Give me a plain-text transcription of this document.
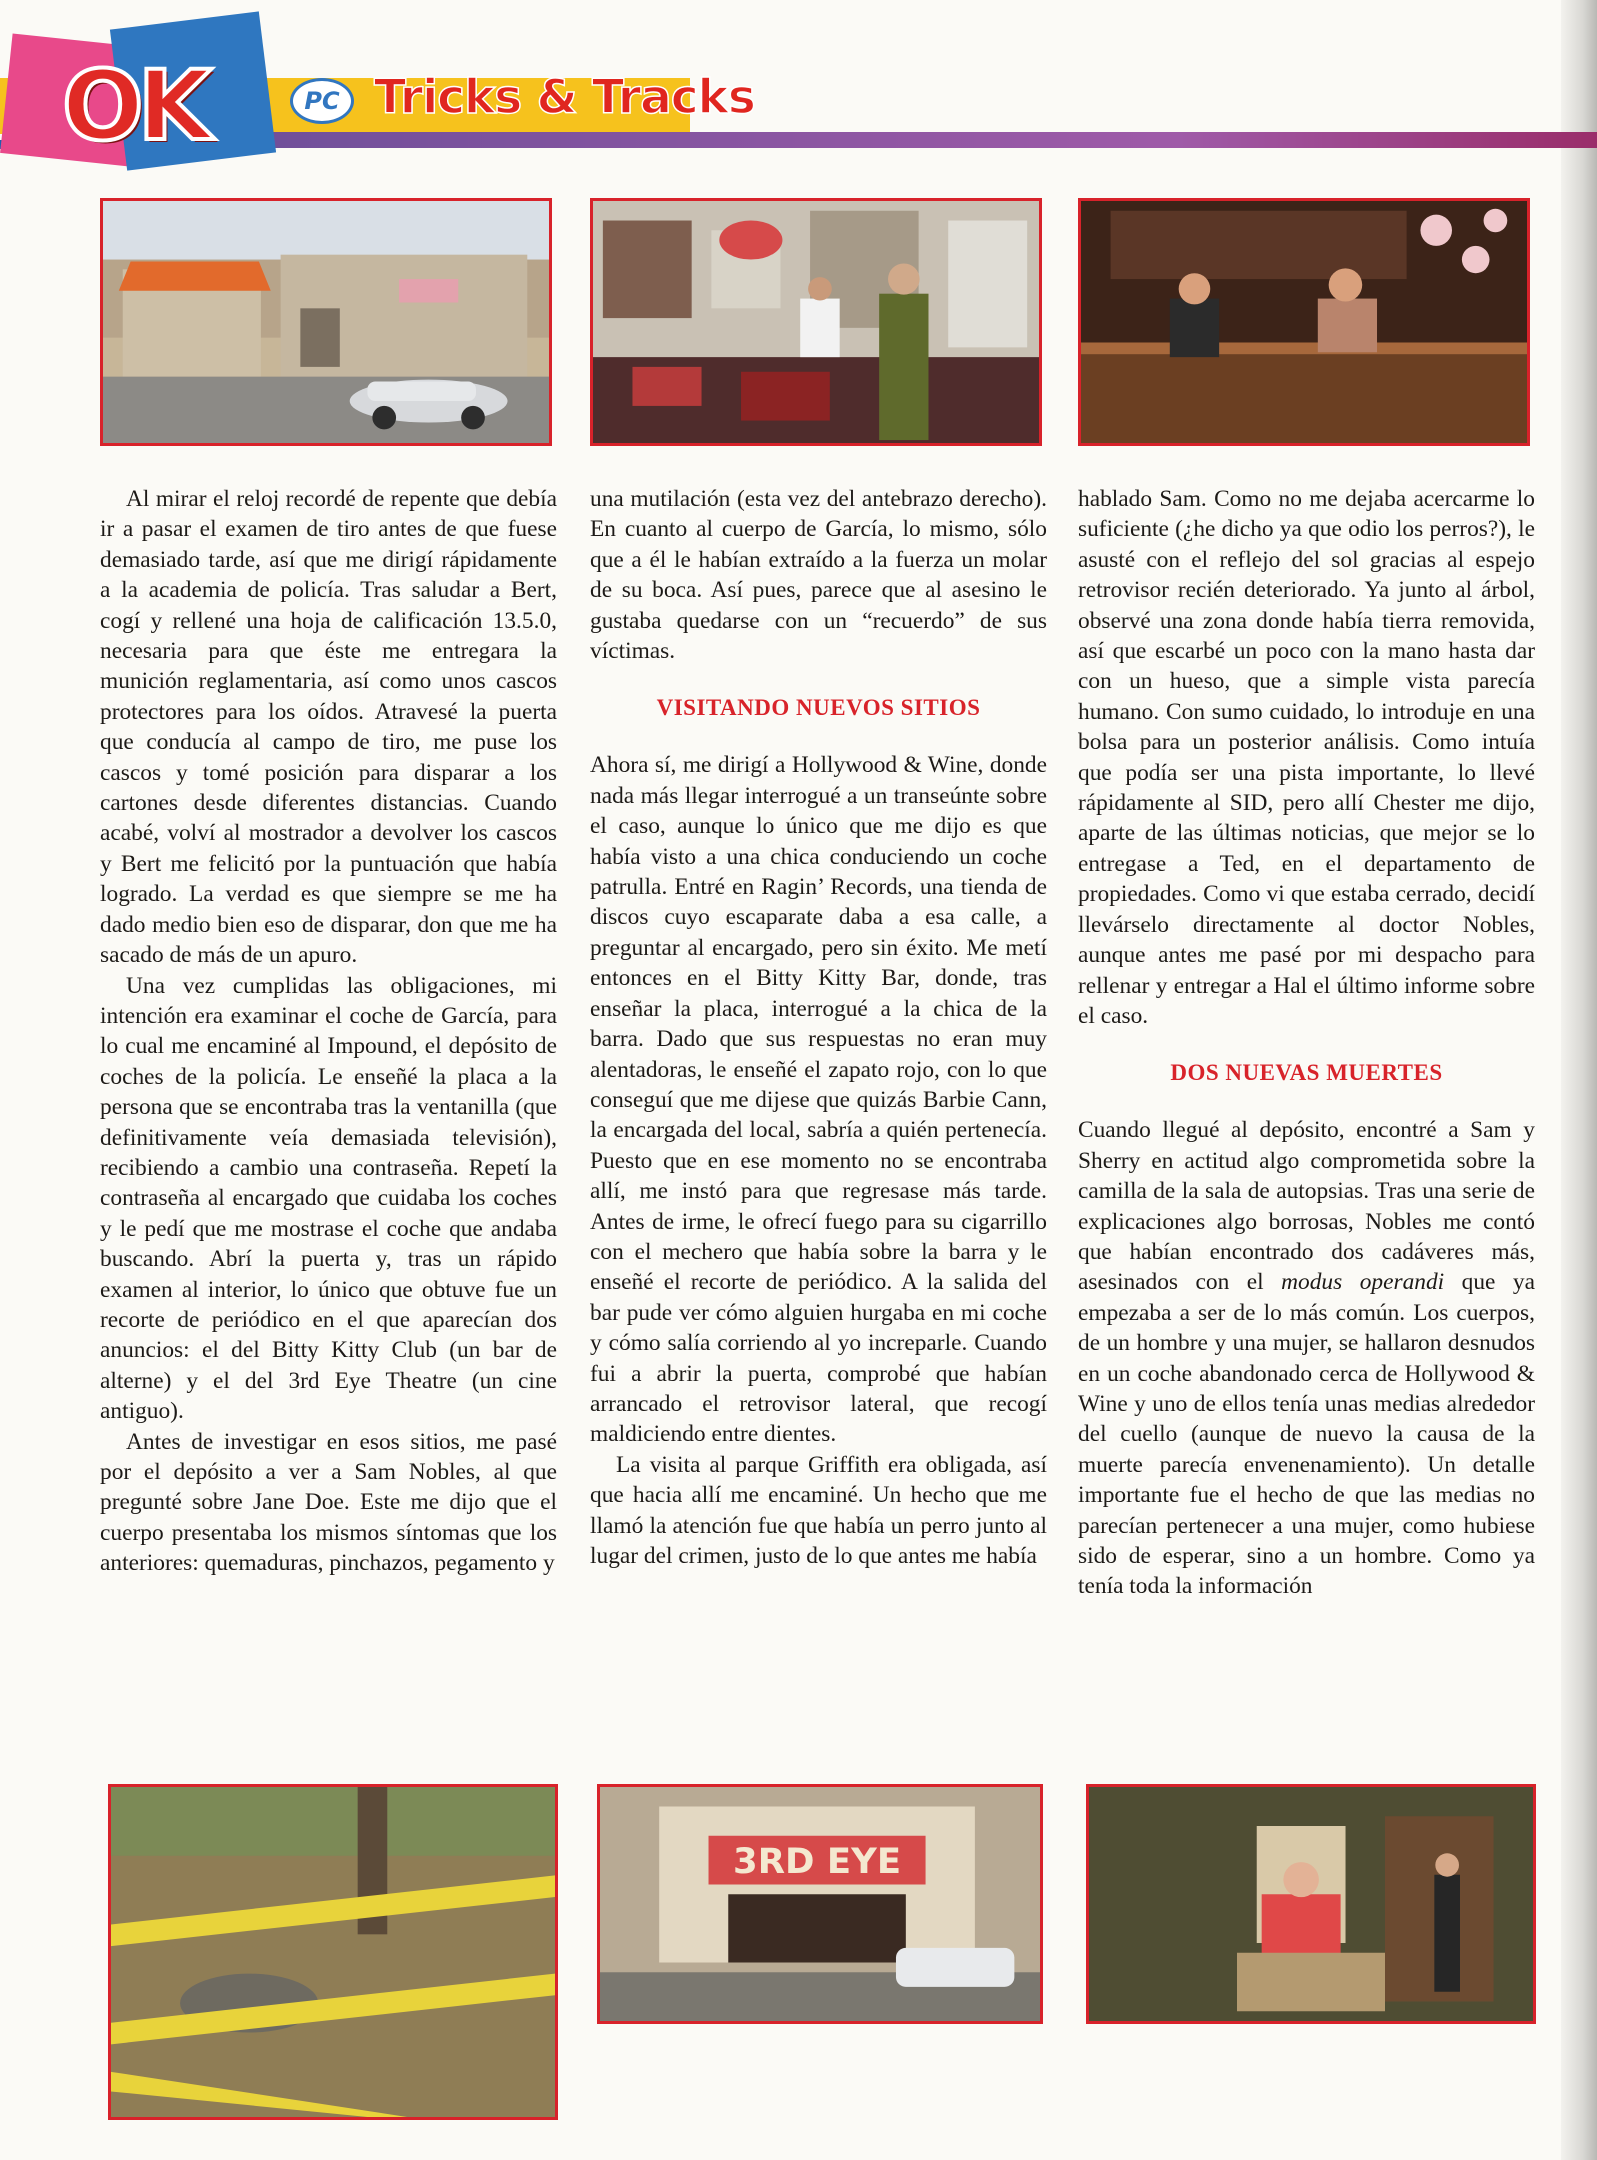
OK	PC Tricks & Tracks

Al mirar el reloj recordé de repente que debía ir a pasar el examen de tiro antes de que fuese demasiado tarde, así que me dirigí rápidamente a la academia de policía. Tras saludar a Bert, cogí y rellené una hoja de calificación 13.5.0, necesaria para que éste me entregara la munición reglamentaria, así como unos cascos protectores para los oídos. Atravesé la puerta que conducía al campo de tiro, me puse los cascos y tomé posición para disparar a los cartones desde diferentes distancias. Cuando acabé, volví al mostrador a devolver los cascos y Bert me felicitó por la puntuación que había logrado. La verdad es que siempre se me ha dado medio bien eso de disparar, don que me ha sacado de más de un apuro.

Una vez cumplidas las obligaciones, mi intención era examinar el coche de García, para lo cual me encaminé al Impound, el depósito de coches de la policía. Le enseñé la placa a la persona que se encontraba tras la ventanilla (que definitivamente veía demasiada televisión), recibiendo a cambio una contraseña. Repetí la contraseña al encargado que cuidaba los coches y le pedí que me mostrase el coche que andaba buscando. Abrí la puerta y, tras un rápido examen al interior, lo único que obtuve fue un recorte de periódico en el que aparecían dos anuncios: el del Bitty Kitty Club (un bar de alterne) y el del 3rd Eye Theatre (un cine antiguo).

Antes de investigar en esos sitios, me pasé por el depósito a ver a Sam Nobles, al que pregunté sobre Jane Doe. Este me dijo que el cuerpo presentaba los mismos síntomas que los anteriores: quemaduras, pinchazos, pegamento y

una mutilación (esta vez del antebrazo derecho). En cuanto al cuerpo de García, lo mismo, sólo que a él le habían extraído a la fuerza un molar de su boca. Así pues, parece que al asesino le gustaba quedarse con un “recuerdo” de sus víctimas.

VISITANDO NUEVOS SITIOS

Ahora sí, me dirigí a Hollywood & Wine, donde nada más llegar interrogué a un transeúnte sobre el caso, aunque lo único que me dijo es que había visto a una chica conduciendo un coche patrulla. Entré en Ragin’ Records, una tienda de discos cuyo escaparate daba a esa calle, a preguntar al encargado, pero sin éxito. Me metí entonces en el Bitty Kitty Bar, donde, tras enseñar la placa, interrogué a la chica de la barra. Dado que sus respuestas no eran muy alentadoras, le enseñé el zapato rojo, con lo que conseguí que me dijese que quizás Barbie Cann, la encargada del local, sabría a quién pertenecía. Puesto que en ese momento no se encontraba allí, me instó para que regresase más tarde. Antes de irme, le ofrecí fuego para su cigarrillo con el mechero que había sobre la barra y le enseñé el recorte de periódico. A la salida del bar pude ver cómo alguien hurgaba en mi coche y cómo salía corriendo al yo increparle. Cuando fui a abrir la puerta, comprobé que habían arrancado el retrovisor lateral, que recogí maldiciendo entre dientes.

La visita al parque Griffith era obligada, así que hacia allí me encaminé. Un hecho que me llamó la atención fue que había un perro junto al lugar del crimen, justo de lo que antes me había

hablado Sam. Como no me dejaba acercarme lo suficiente (¿he dicho ya que odio los perros?), le asusté con el reflejo del sol gracias al espejo retrovisor recién deteriorado. Ya junto al árbol, observé una zona donde había tierra removida, así que escarbé un poco con la mano hasta dar con un hueso, que a simple vista parecía humano. Con sumo cuidado, lo introduje en una bolsa para un posterior análisis. Como intuía que podía ser una pista importante, lo llevé rápidamente al SID, pero allí Chester me dijo, aparte de las últimas noticias, que mejor se lo entregase a Ted, en el departamento de propiedades. Como vi que estaba cerrado, decidí llevárselo directamente al doctor Nobles, aunque antes me pasé por mi despacho para rellenar y entregar a Hal el último informe sobre el caso.

DOS NUEVAS MUERTES

Cuando llegué al depósito, encontré a Sam y Sherry en actitud algo comprometida sobre la camilla de la sala de autopsias. Tras una serie de explicaciones algo borrosas, Nobles me contó que habían encontrado dos cadáveres más, asesinados con el modus operandi que ya empezaba a ser de lo más común. Los cuerpos, de un hombre y una mujer, se hallaron desnudos en un coche abandonado cerca de Hollywood & Wine y uno de ellos tenía unas medias alrededor del cuello (aunque de nuevo la causa de la muerte parecía envenenamiento). Un detalle importante fue el hecho de que las medias no parecían pertenecer a una mujer, como hubiese sido de esperar, sino a un hombre. Como ya tenía toda la información

3RD EYE
